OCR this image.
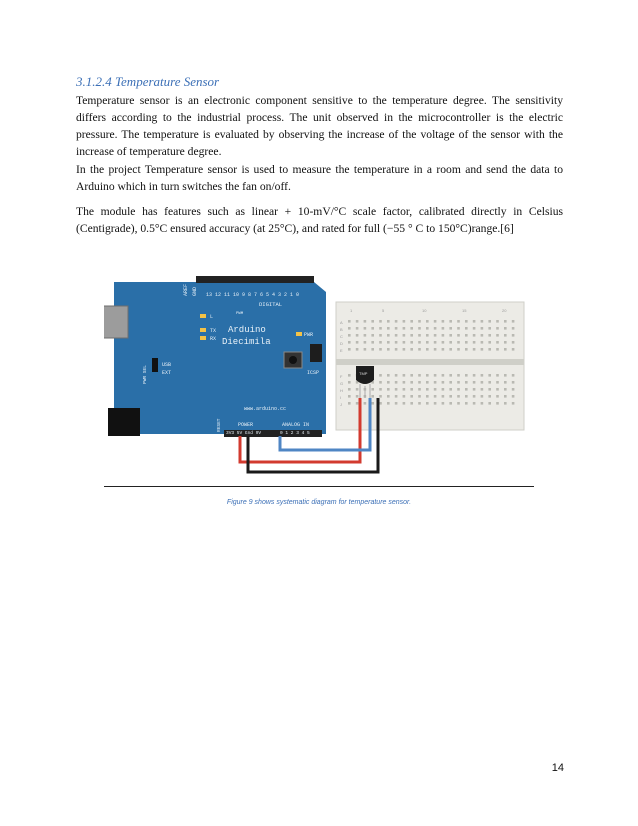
3.1.2.4 Temperature Sensor

Temperature sensor is an electronic component sensitive to the temperature degree. The sensitivity differs according to the industrial process. The unit observed in the microcontroller is the electric pressure. The temperature is evaluated by observing the increase of the voltage of the sensor with the increase of temperature degree.

In the project Temperature sensor is used to measure the temperature in a room and send the data to Arduino which in turn switches the fan on/off.

The module has features such as linear + 10-mV/°C scale factor, calibrated directly in Celsius (Centigrade), 0.5°C ensured accuracy (at 25°C), and rated for full (−55 ° C to 150°C)range.[6]

AREF GND 13 12 11 10 9 8 7 6 5 4 3 2 1 0
DIGITAL
PWM
L
TX
RX
Arduino
Diecimila
PWR
ICSP
PWR SEL
USB
EXT
www.arduino.cc
RESET	POWER
3V3 5V Gnd 9V
ANALOG IN
0 1 2 3 4 5
1	5	10	15	20
A
B
C
D
E
F
G
H
I
J
TMP
Figure 9 shows systematic diagram for temperature sensor.
14
